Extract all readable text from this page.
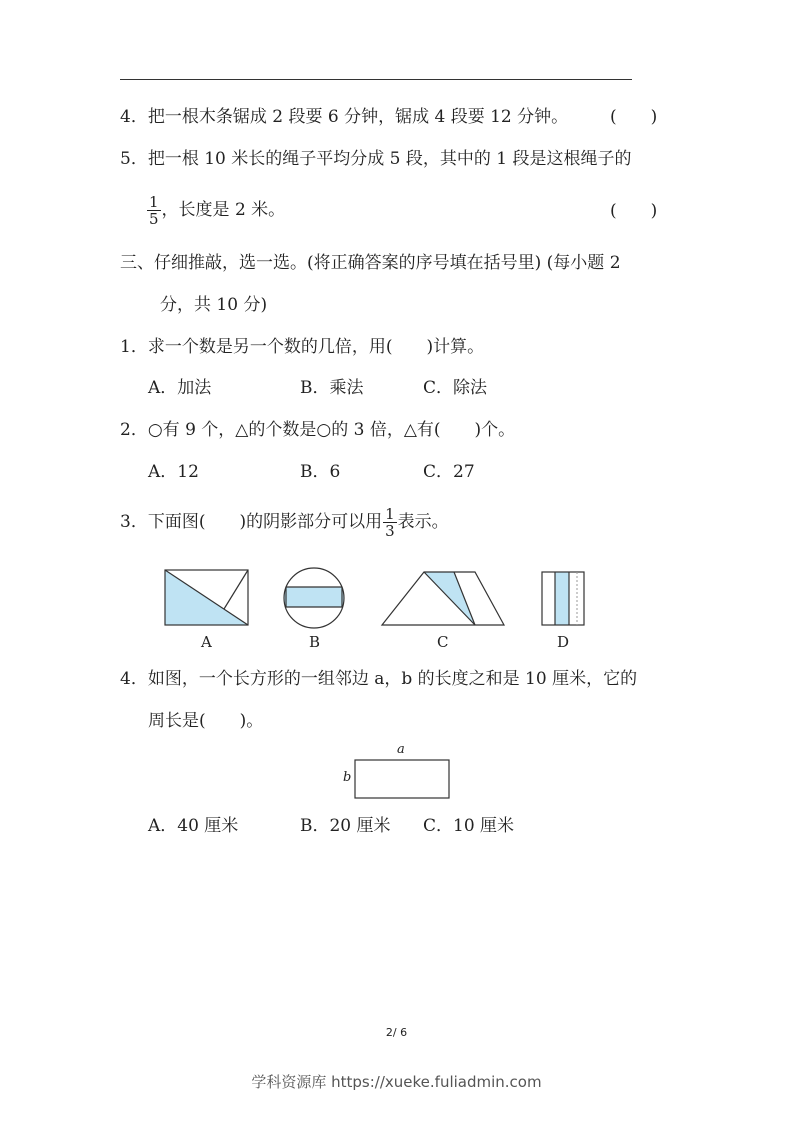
4．把一根木条锯成 2 段要 6 分钟，锯成 4 段要 12 分钟。 (　　)
5．把一根 10 米长的绳子平均分成 5 段，其中的 1 段是这根绳子的
$\frac{1}{5}$ ，长度是 2 米。	(　　)
三、仔细推敲，选一选。(将正确答案的序号填在括号里) (每小题 2
分，共 10 分)
1．求一个数是另一个数的几倍，用(　　)计算。
A．加法	B．乘法	C．除法
2．○有 9 个，△的个数是○的 3 倍，△有(　　)个。
A．12	B．6	C．27
3．下面图(　　)的阴影部分可以用 $\frac{1}{3}$ 表示。
A	B	C	D
4．如图，一个长方形的一组邻边 a，b 的长度之和是 10 厘米，它的
周长是(　　)。
a
b
A．40 厘米	B．20 厘米 C．10 厘米
2/ 6
学科资源库 https://xueke.fuliadmin.com
